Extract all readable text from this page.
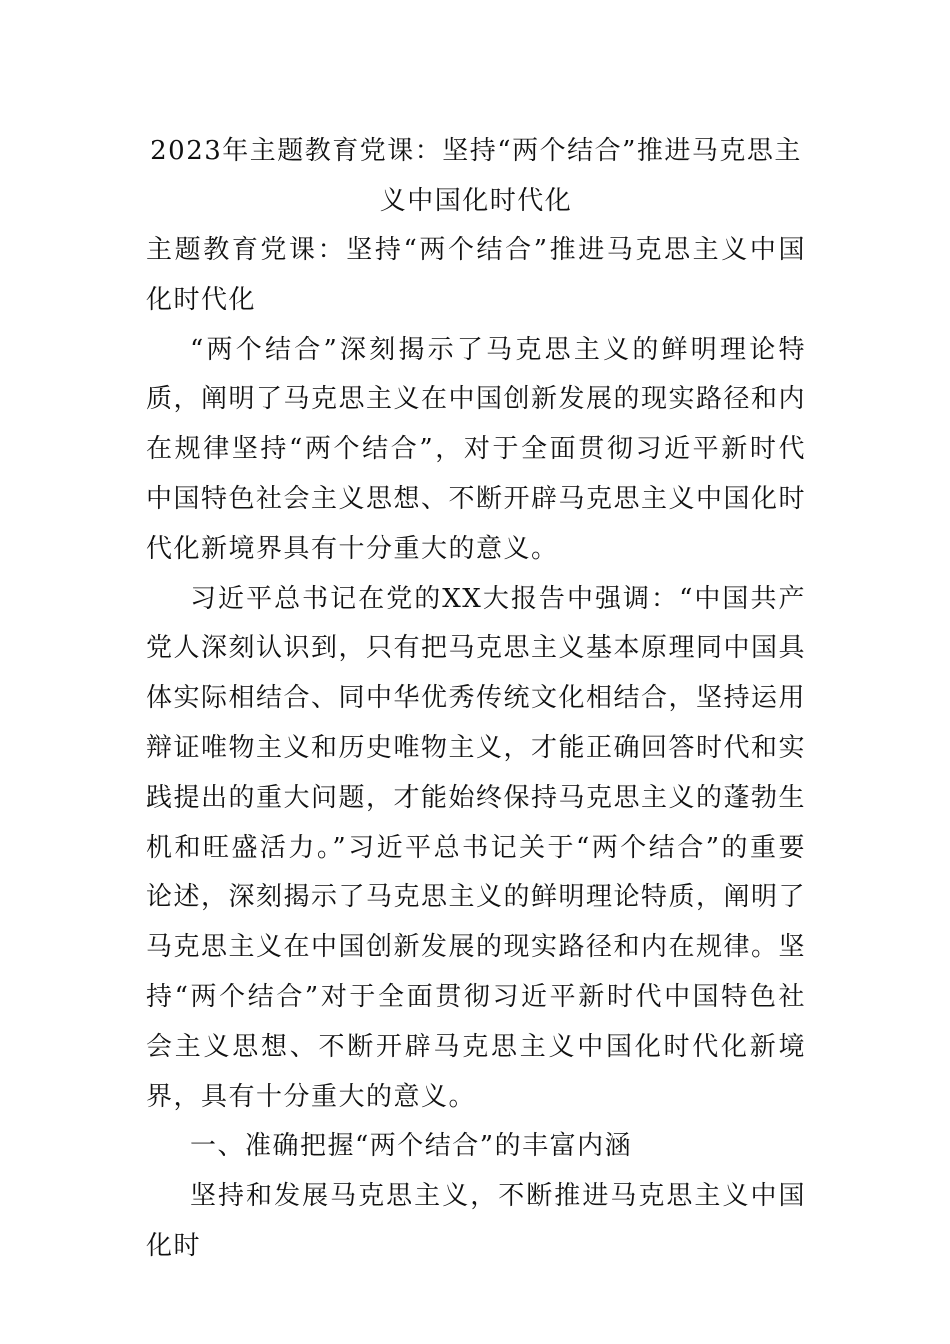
2023年主题教育党课：坚持“两个结合”推进马克思主义中国化时代化

主题教育党课：坚持“两个结合”推进马克思主义中国化时代化

“两个结合”深刻揭示了马克思主义的鲜明理论特质，阐明了马克思主义在中国创新发展的现实路径和内在规律坚持“两个结合”，对于全面贯彻习近平新时代中国特色社会主义思想、不断开辟马克思主义中国化时代化新境界具有十分重大的意义。

习近平总书记在党的XX大报告中强调：“中国共产党人深刻认识到，只有把马克思主义基本原理同中国具体实际相结合、同中华优秀传统文化相结合，坚持运用辩证唯物主义和历史唯物主义，才能正确回答时代和实践提出的重大问题，才能始终保持马克思主义的蓬勃生机和旺盛活力。”习近平总书记关于“两个结合”的重要论述，深刻揭示了马克思主义的鲜明理论特质，阐明了马克思主义在中国创新发展的现实路径和内在规律。坚持“两个结合”对于全面贯彻习近平新时代中国特色社会主义思想、不断开辟马克思主义中国化时代化新境界，具有十分重大的意义。

一、准确把握“两个结合”的丰富内涵

坚持和发展马克思主义，不断推进马克思主义中国化时
